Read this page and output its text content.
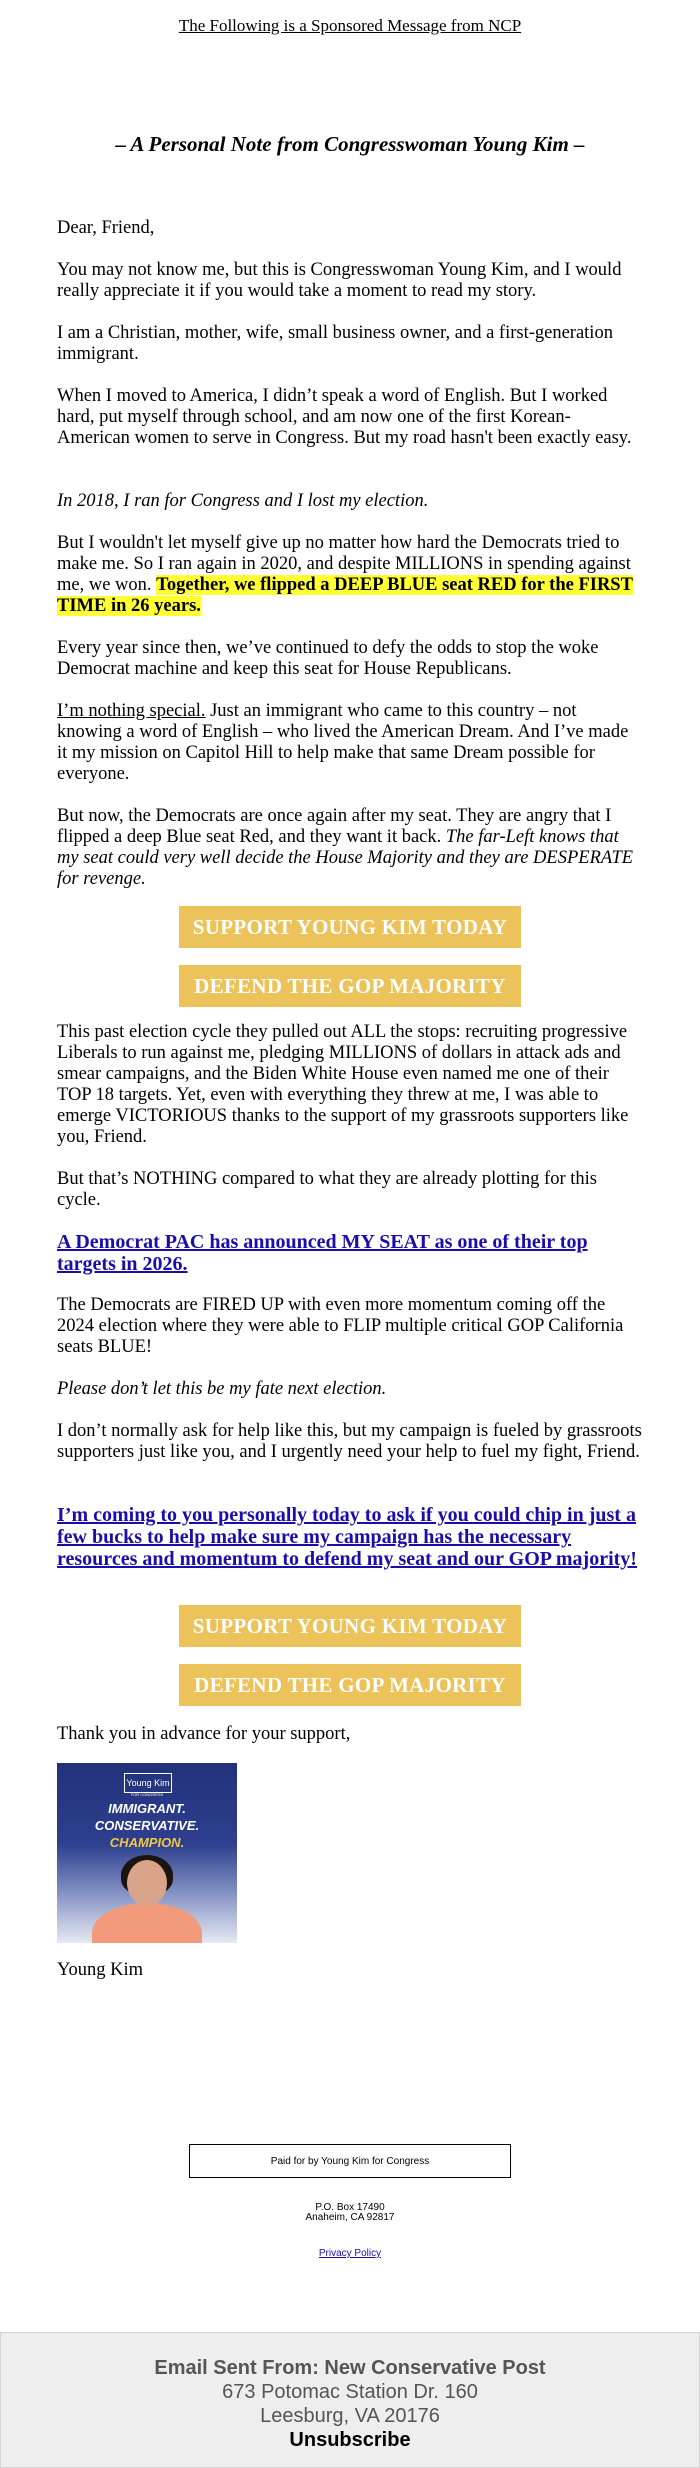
The Following is a Sponsored Message from NCP
– A Personal Note from Congresswoman Young Kim –

Dear, Friend,

You may not know me, but this is Congresswoman Young Kim, and I would really appreciate it if you would take a moment to read my story.

I am a Christian, mother, wife, small business owner, and a first-generation immigrant.

When I moved to America, I didn’t speak a word of English. But I worked hard, put myself through school, and am now one of the first Korean-American women to serve in Congress. But my road hasn't been exactly easy.

In 2018, I ran for Congress and I lost my election.

But I wouldn't let myself give up no matter how hard the Democrats tried to make me. So I ran again in 2020, and despite MILLIONS in spending against me, we won. Together, we flipped a DEEP BLUE seat RED for the FIRST TIME in 26 years.

Every year since then, we’ve continued to defy the odds to stop the woke Democrat machine and keep this seat for House Republicans.

I’m nothing special. Just an immigrant who came to this country – not knowing a word of English – who lived the American Dream. And I’ve made it my mission on Capitol Hill to help make that same Dream possible for everyone.

But now, the Democrats are once again after my seat. They are angry that I flipped a deep Blue seat Red, and they want it back. The far-Left knows that my seat could very well decide the House Majority and they are DESPERATE for revenge.

SUPPORT YOUNG KIM TODAY
DEFEND THE GOP MAJORITY

This past election cycle they pulled out ALL the stops: recruiting progressive Liberals to run against me, pledging MILLIONS of dollars in attack ads and smear campaigns, and the Biden White House even named me one of their TOP 18 targets. Yet, even with everything they threw at me, I was able to emerge VICTORIOUS thanks to the support of my grassroots supporters like you, Friend.

But that’s NOTHING compared to what they are already plotting for this cycle.

A Democrat PAC has announced MY SEAT as one of their top targets in 2026.

The Democrats are FIRED UP with even more momentum coming off the 2024 election where they were able to FLIP multiple critical GOP California seats BLUE!

Please don’t let this be my fate next election.

I don’t normally ask for help like this, but my campaign is fueled by grassroots supporters just like you, and I urgently need your help to fuel my fight, Friend.

I’m coming to you personally today to ask if you could chip in just a few bucks to help make sure my campaign has the necessary resources and momentum to defend my seat and our GOP majority!

SUPPORT YOUNG KIM TODAY
DEFEND THE GOP MAJORITY

Thank you in advance for your support,

Young Kim
FOR CONGRESS
IMMIGRANT.
CONSERVATIVE.
CHAMPION.

Young Kim

Paid for by Young Kim for Congress
P.O. Box 17490
Anaheim, CA 92817
Privacy Policy
Email Sent From: New Conservative Post
673 Potomac Station Dr. 160
Leesburg, VA 20176
Unsubscribe
